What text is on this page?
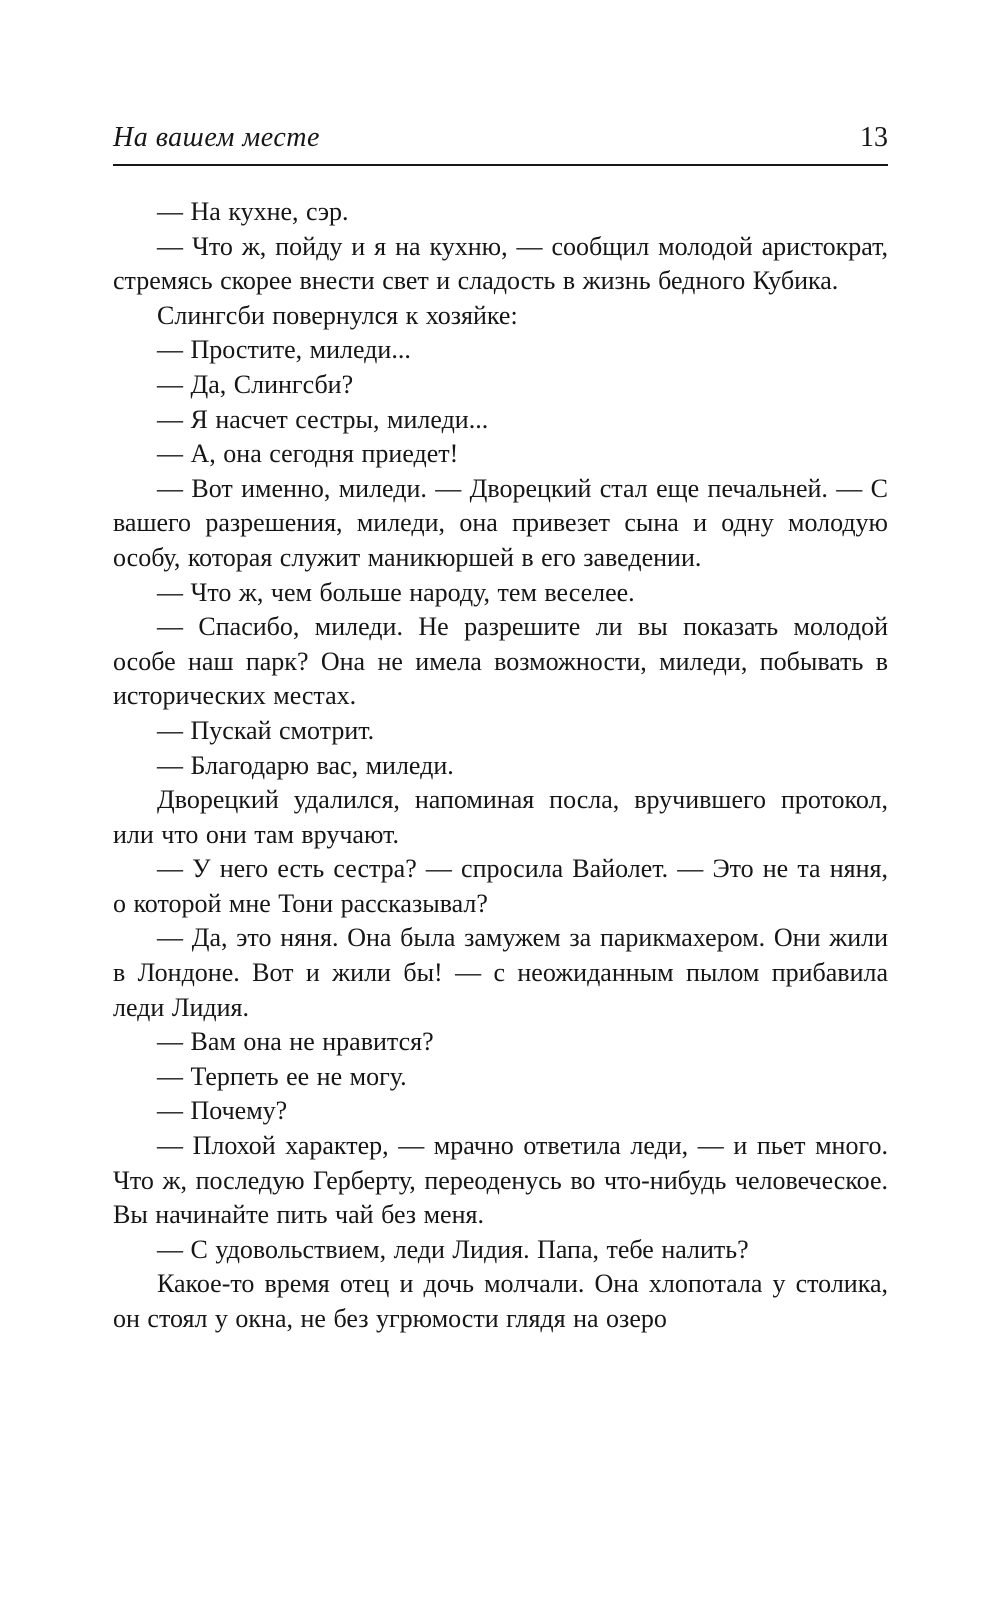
На вашем месте	13

— На кухне, сэр.

— Что ж, пойду и я на кухню, — сообщил молодой аристократ, стремясь скорее внести свет и сладость в жизнь бедного Кубика.

Слингсби повернулся к хозяйке:

— Простите, миледи...

— Да, Слингсби?

— Я насчет сестры, миледи...

— А, она сегодня приедет!

— Вот именно, миледи. — Дворецкий стал еще печальней. — С вашего разрешения, миледи, она привезет сына и одну молодую особу, которая служит маникюршей в его заведении.

— Что ж, чем больше народу, тем веселее.

— Спасибо, миледи. Не разрешите ли вы показать молодой особе наш парк? Она не имела возможности, миледи, побывать в исторических местах.

— Пускай смотрит.

— Благодарю вас, миледи.

Дворецкий удалился, напоминая посла, вручившего протокол, или что они там вручают.

— У него есть сестра? — спросила Вайолет. — Это не та няня, о которой мне Тони рассказывал?

— Да, это няня. Она была замужем за парикмахером. Они жили в Лондоне. Вот и жили бы! — с неожиданным пылом прибавила леди Лидия.

— Вам она не нравится?

— Терпеть ее не могу.

— Почему?

— Плохой характер, — мрачно ответила леди, — и пьет много. Что ж, последую Герберту, переоденусь во что-нибудь человеческое. Вы начинайте пить чай без меня.

— С удовольствием, леди Лидия. Папа, тебе налить?

Какое-то время отец и дочь молчали. Она хлопотала у столика, он стоял у окна, не без угрюмости глядя на озеро
